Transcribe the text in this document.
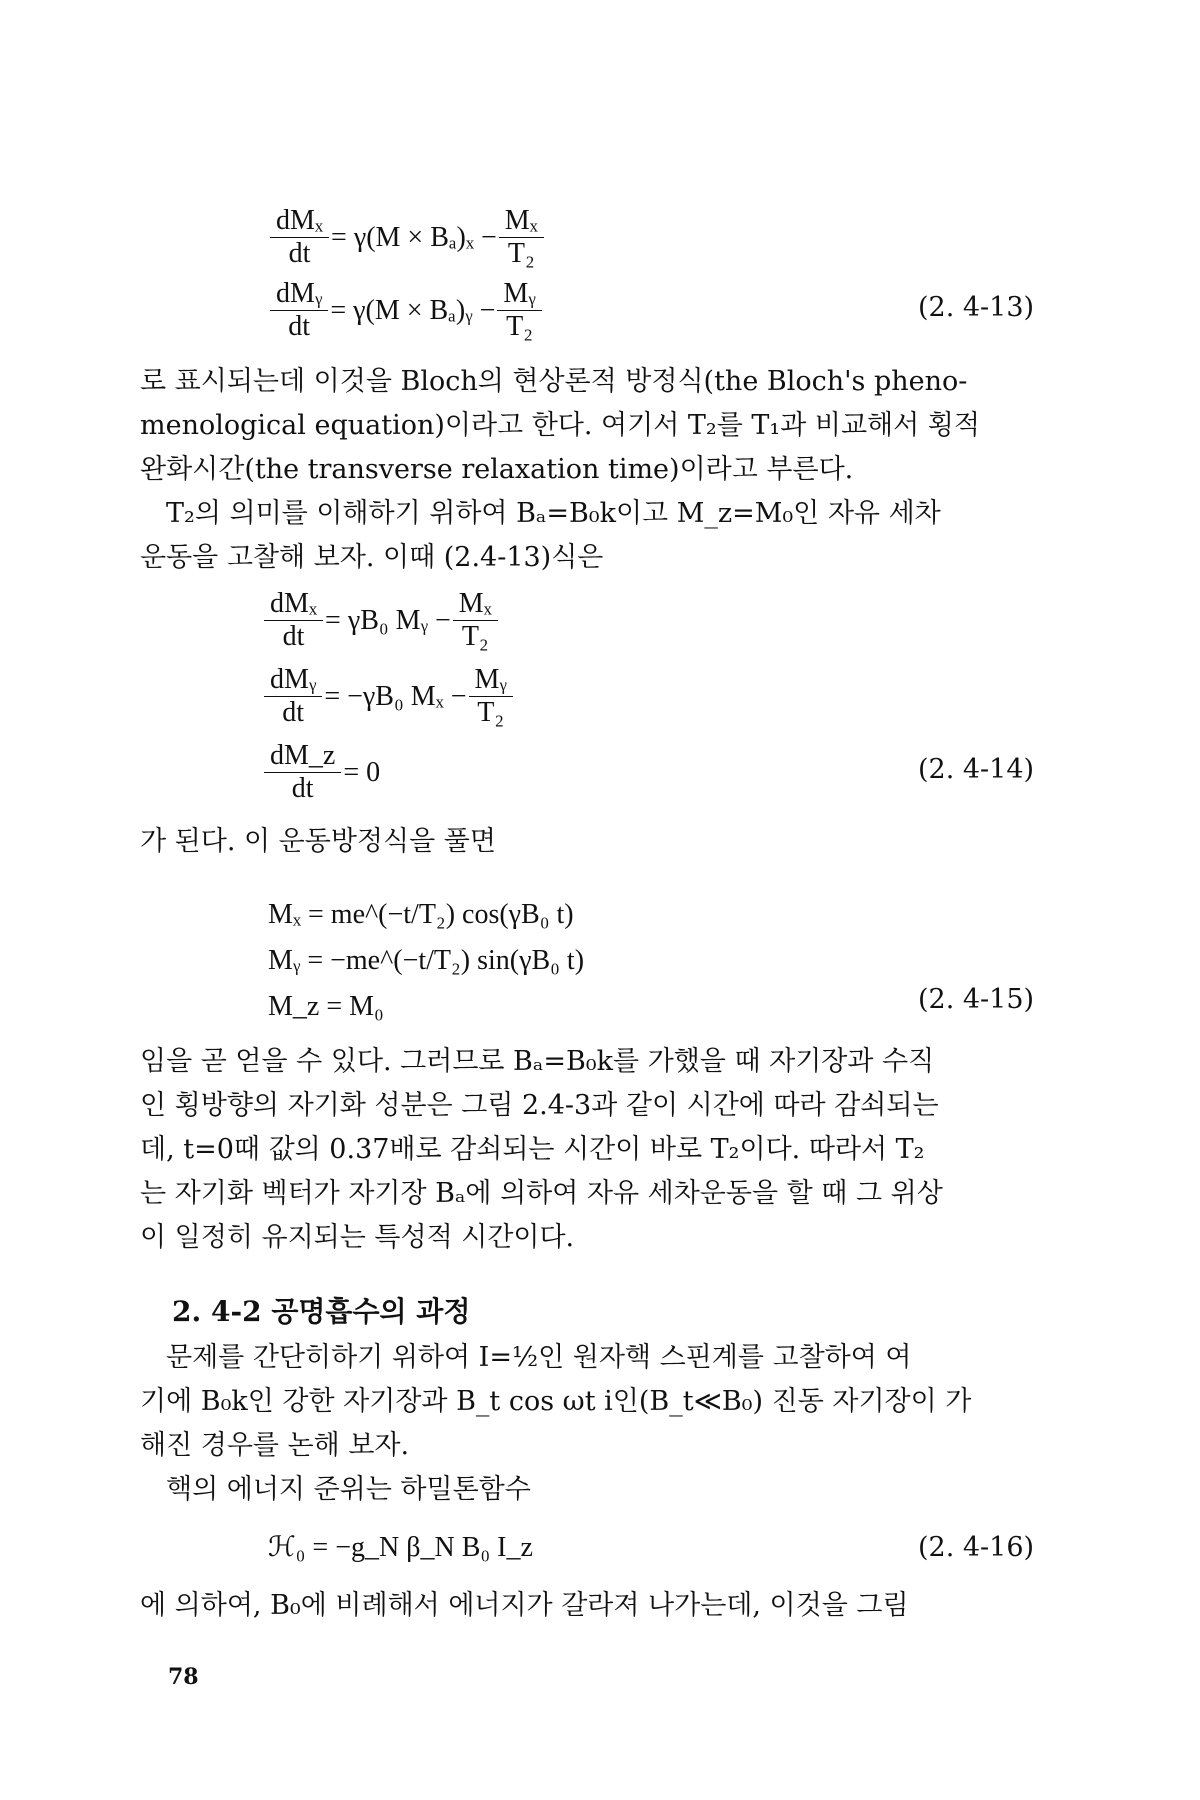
$\frac{\text{dMₓ}}{dt} = \gamma(M \times B_a)_x - \frac{\text{Mₓ}}{\text{T₂}}$
$\frac{\text{dMᵧ}}{dt} = \gamma(M$ × Bₐ)ᵧ − $\frac{\text{Mᵧ}}{\text{T₂}}$	(2. 4-13)

로 표시되는데 이것을 Bloch의 현상론적 방정식(the Bloch's pheno-

menological equation)이라고 한다. 여기서 T₂를 T₁과 비교해서 횡적

완화시간(the transverse relaxation time)이라고 부른다.

T₂의 의미를 이해하기 위하여 Bₐ=B₀k이고 M_z=M₀인 자유 세차

운동을 고찰해 보자. 이때 (2.4-13)식은

$\frac{\text{dMₓ}}{dt} = \gamma B_0$ Mᵧ − $\frac{\text{Mₓ}}{\text{T₂}}$
$\frac{\text{dMᵧ}}{dt} = -\gamma B_0$ $M_x - \frac{\text{Mᵧ}}{\text{T₂}}$
$\frac{dM\_z}{dt} = 0$	(2. 4-14)

가 된다. 이 운동방정식을 풀면

Mₓ = me^(−t/T₂) cos(γB₀ t)
Mᵧ = −me^(−t/T₂) sin(γB₀ t)
M_z = M₀	(2. 4-15)

임을 곧 얻을 수 있다. 그러므로 Bₐ=B₀k를 가했을 때 자기장과 수직

인 횡방향의 자기화 성분은 그림 2.4-3과 같이 시간에 따라 감쇠되는

데, t=0때 값의 0.37배로 감쇠되는 시간이 바로 T₂이다. 따라서 T₂

는 자기화 벡터가 자기장 Bₐ에 의하여 자유 세차운동을 할 때 그 위상

이 일정히 유지되는 특성적 시간이다.

2. 4-2 공명흡수의 과정

문제를 간단히하기 위하여 I=½인 원자핵 스핀계를 고찰하여 여

기에 B₀k인 강한 자기장과 B_t cos ωt i인(B_t≪B₀) 진동 자기장이 가

해진 경우를 논해 보자.

핵의 에너지 준위는 하밀톤함수

ℋ₀ = −g_N β_N B₀ I_z	(2. 4-16)

에 의하여, B₀에 비례해서 에너지가 갈라져 나가는데, 이것을 그림

78
